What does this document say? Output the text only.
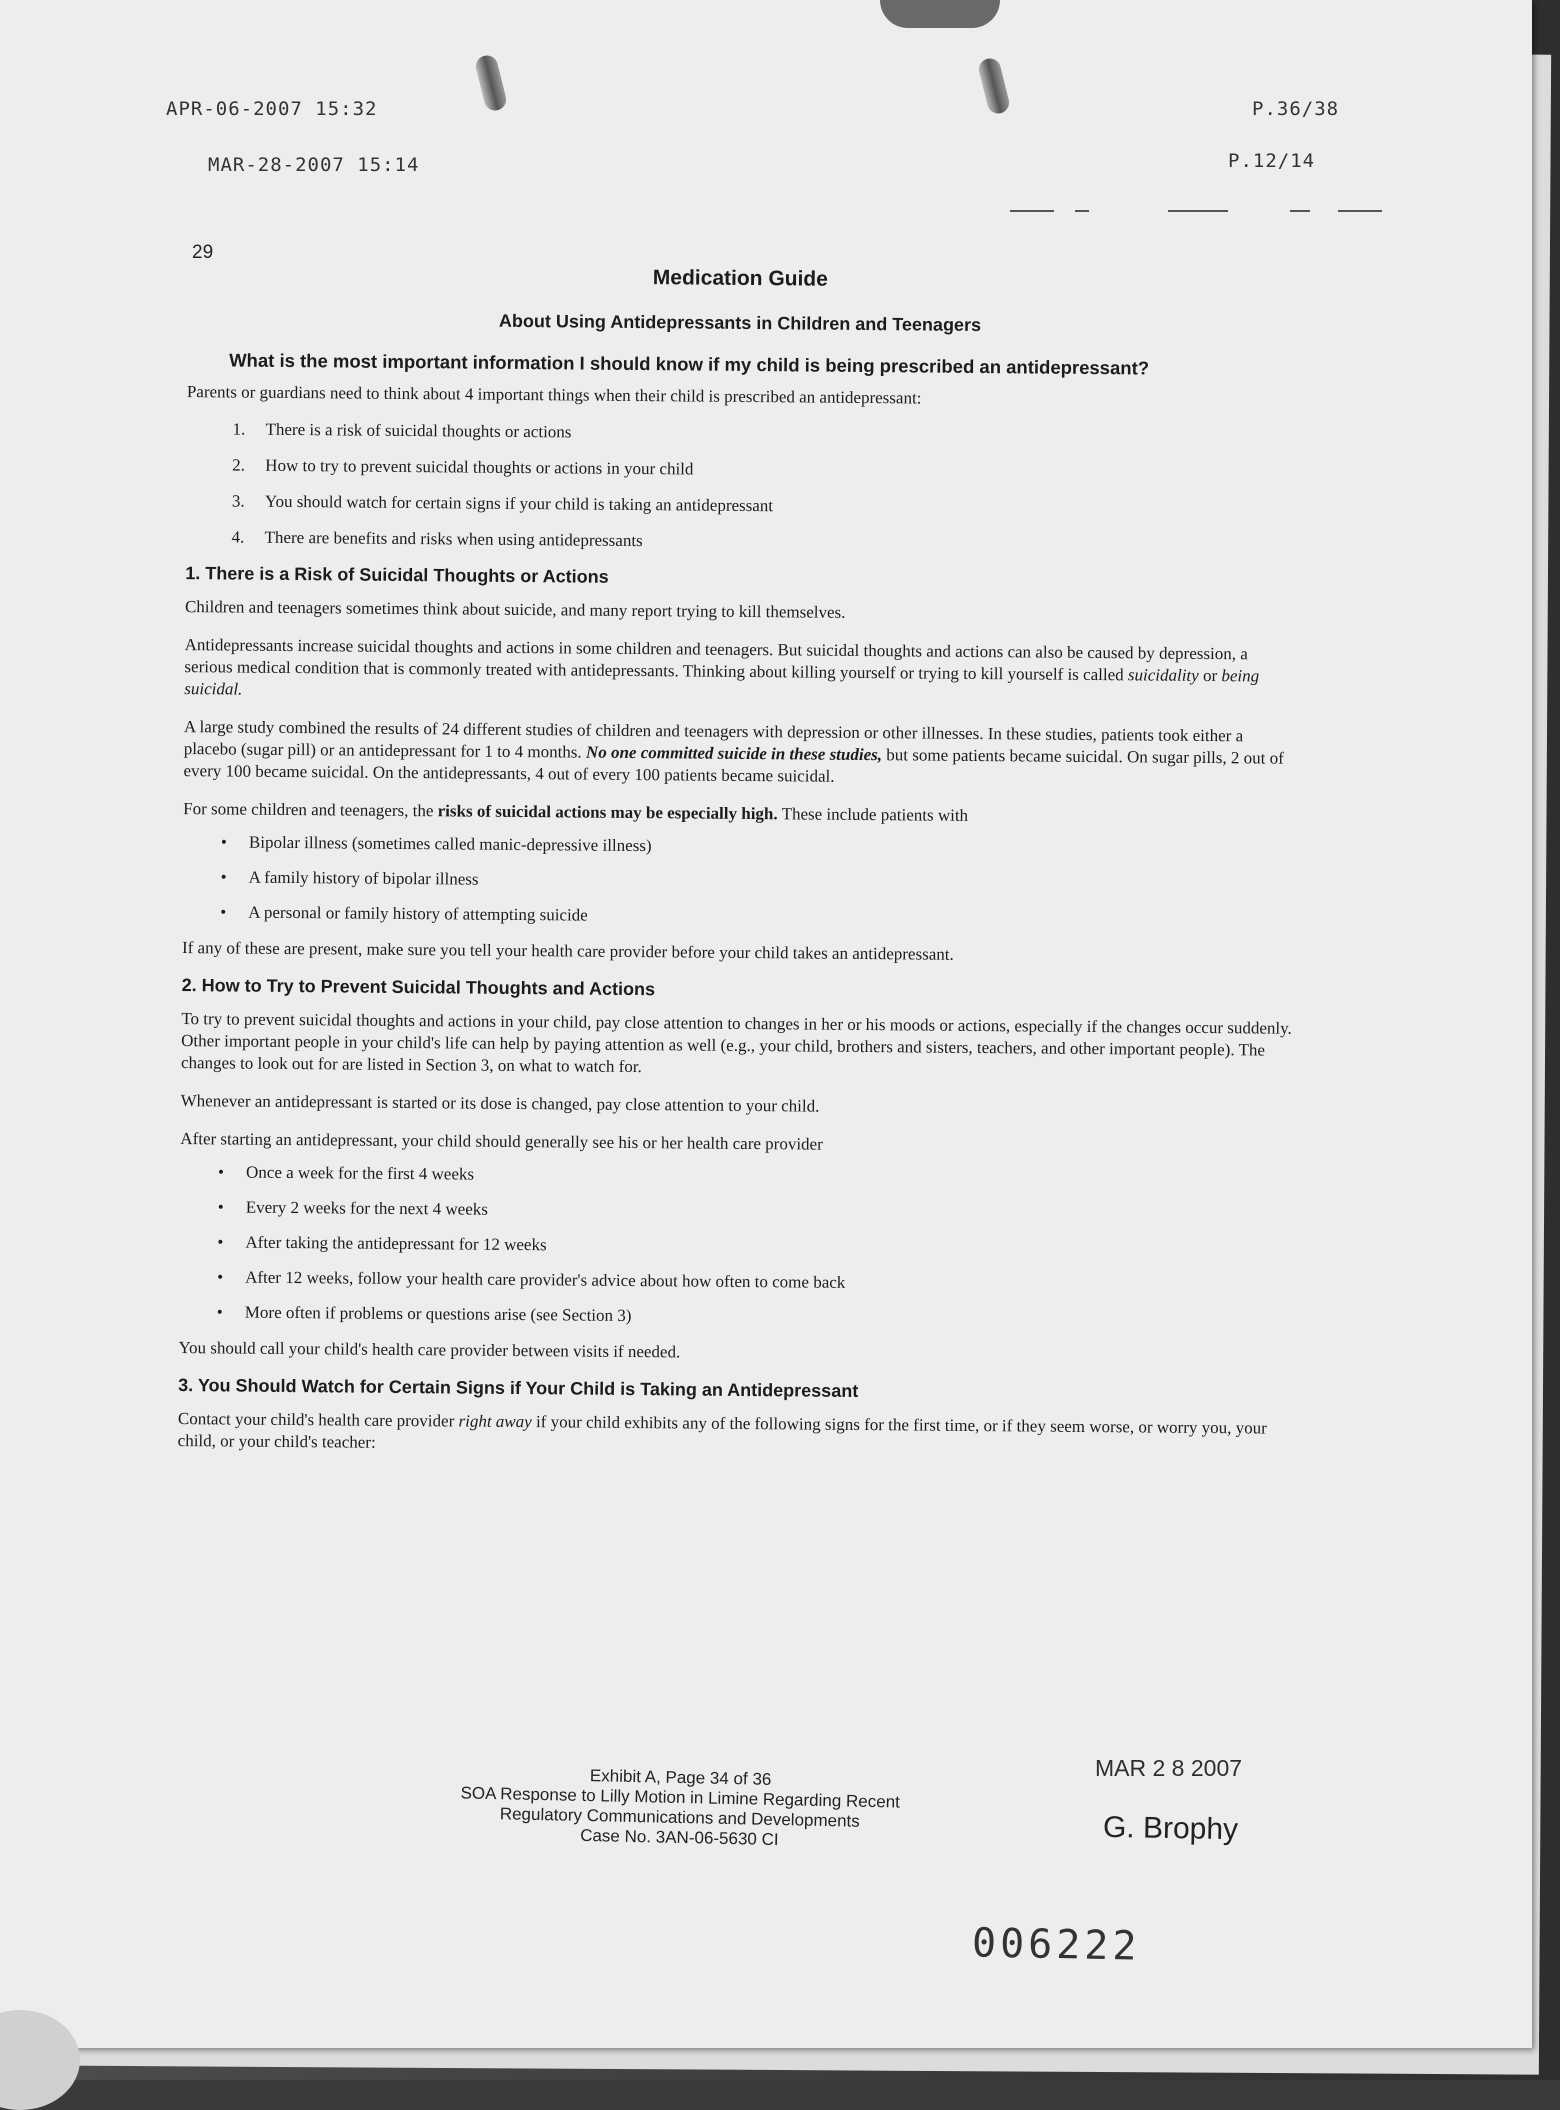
APR-06-2007 15:32	P.36/38
MAR-28-2007 15:14	P.12/14
29
Medication Guide
About Using Antidepressants in Children and Teenagers
What is the most important information I should know if my child is being prescribed an antidepressant?

Parents or guardians need to think about 4 important things when their child is prescribed an antidepressant:

1. There is a risk of suicidal thoughts or actions
2. How to try to prevent suicidal thoughts or actions in your child
3. You should watch for certain signs if your child is taking an antidepressant
4. There are benefits and risks when using antidepressants
1. There is a Risk of Suicidal Thoughts or Actions

Children and teenagers sometimes think about suicide, and many report trying to kill themselves.

Antidepressants increase suicidal thoughts and actions in some children and teenagers. But suicidal thoughts and actions can also be caused by depression, a serious medical condition that is commonly treated with antidepressants. Thinking about killing yourself or trying to kill yourself is called suicidality or being suicidal.

A large study combined the results of 24 different studies of children and teenagers with depression or other illnesses. In these studies, patients took either a placebo (sugar pill) or an antidepressant for 1 to 4 months. No one committed suicide in these studies, but some patients became suicidal. On sugar pills, 2 out of every 100 became suicidal. On the antidepressants, 4 out of every 100 patients became suicidal.

For some children and teenagers, the risks of suicidal actions may be especially high. These include patients with

• Bipolar illness (sometimes called manic-depressive illness)
• A family history of bipolar illness
• A personal or family history of attempting suicide

If any of these are present, make sure you tell your health care provider before your child takes an antidepressant.

2. How to Try to Prevent Suicidal Thoughts and Actions

To try to prevent suicidal thoughts and actions in your child, pay close attention to changes in her or his moods or actions, especially if the changes occur suddenly. Other important people in your child's life can help by paying attention as well (e.g., your child, brothers and sisters, teachers, and other important people). The changes to look out for are listed in Section 3, on what to watch for.

Whenever an antidepressant is started or its dose is changed, pay close attention to your child.

After starting an antidepressant, your child should generally see his or her health care provider

• Once a week for the first 4 weeks
• Every 2 weeks for the next 4 weeks
• After taking the antidepressant for 12 weeks
• After 12 weeks, follow your health care provider's advice about how often to come back
• More often if problems or questions arise (see Section 3)

You should call your child's health care provider between visits if needed.

3. You Should Watch for Certain Signs if Your Child is Taking an Antidepressant

Contact your child's health care provider right away if your child exhibits any of the following signs for the first time, or if they seem worse, or worry you, your child, or your child's teacher:

Exhibit A, Page 34 of 36
SOA Response to Lilly Motion in Limine Regarding Recent
Regulatory Communications and Developments
Case No. 3AN-06-5630 CI
MAR 2 8 2007
G. Brophy
006222
